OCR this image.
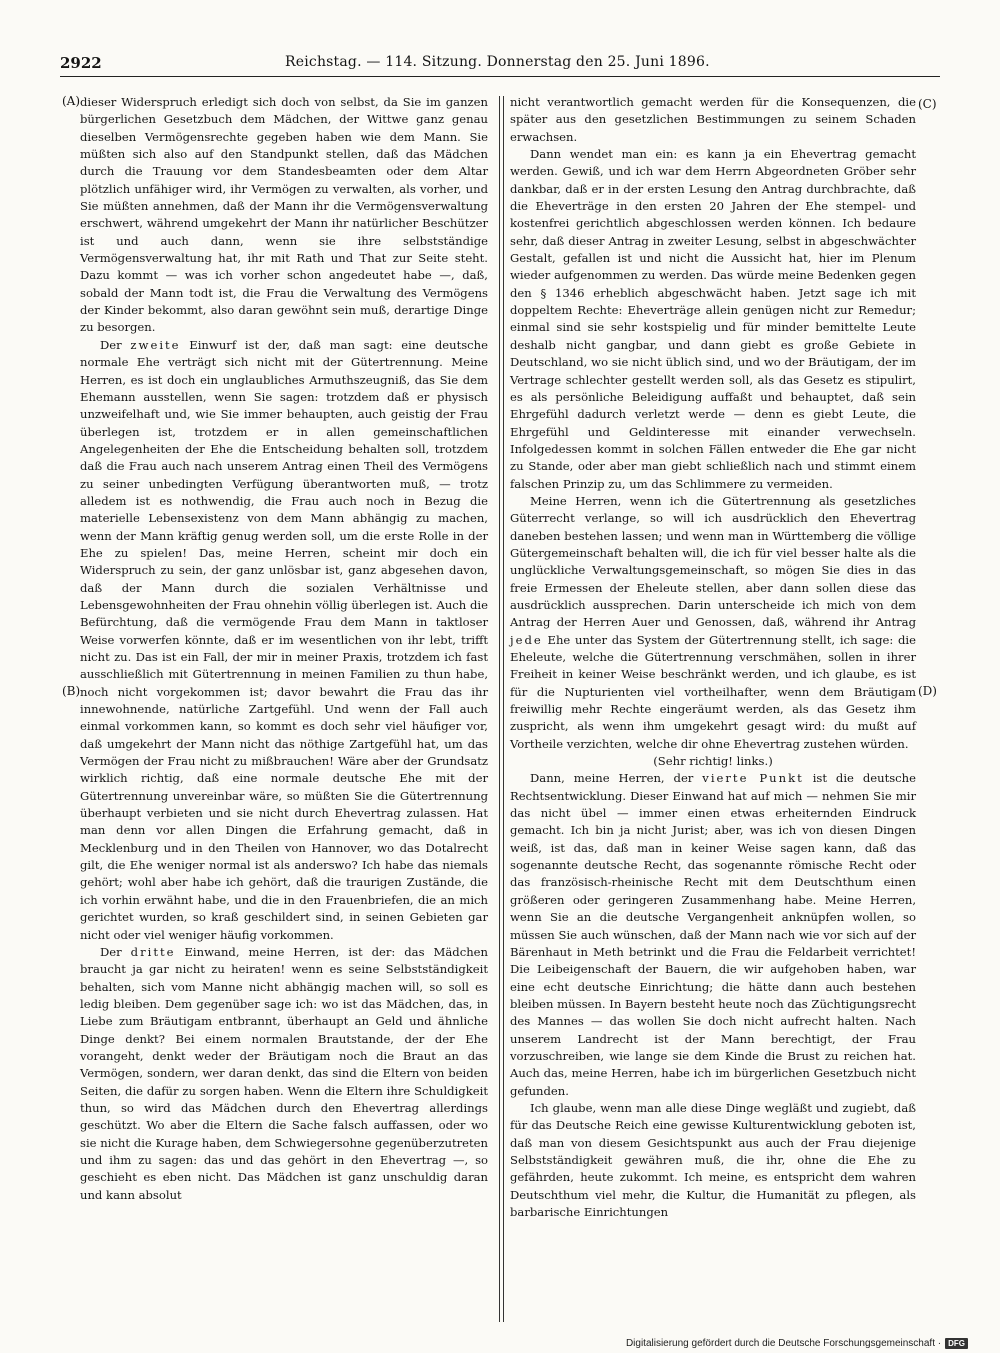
2922	Reichstag. — 114. Sitzung. Donnerstag den 25. Juni 1896.
(A)
(B)
(C)
(D)

dieser Widerspruch erledigt sich doch von selbst, da Sie im ganzen bürgerlichen Gesetzbuch dem Mädchen, der Wittwe ganz genau dieselben Vermögensrechte gegeben haben wie dem Mann. Sie müßten sich also auf den Standpunkt stellen, daß das Mädchen durch die Trauung vor dem Standesbeamten oder dem Altar plötzlich unfähiger wird, ihr Vermögen zu verwalten, als vorher, und Sie müßten annehmen, daß der Mann ihr die Vermögensverwaltung erschwert, während umgekehrt der Mann ihr natürlicher Beschützer ist und auch dann, wenn sie ihre selbstständige Vermögensverwaltung hat, ihr mit Rath und That zur Seite steht. Dazu kommt — was ich vorher schon angedeutet habe —, daß, sobald der Mann todt ist, die Frau die Verwaltung des Vermögens der Kinder bekommt, also daran gewöhnt sein muß, derartige Dinge zu besorgen.

Der zweite Einwurf ist der, daß man sagt: eine deutsche normale Ehe verträgt sich nicht mit der Gütertrennung. Meine Herren, es ist doch ein unglaubliches Armuthszeugniß, das Sie dem Ehemann ausstellen, wenn Sie sagen: trotzdem daß er physisch unzweifelhaft und, wie Sie immer behaupten, auch geistig der Frau überlegen ist, trotzdem er in allen gemeinschaftlichen Angelegenheiten der Ehe die Entscheidung behalten soll, trotzdem daß die Frau auch nach unserem Antrag einen Theil des Vermögens zu seiner unbedingten Verfügung überantworten muß, — trotz alledem ist es nothwendig, die Frau auch noch in Bezug die materielle Lebensexistenz von dem Mann abhängig zu machen, wenn der Mann kräftig genug werden soll, um die erste Rolle in der Ehe zu spielen! Das, meine Herren, scheint mir doch ein Widerspruch zu sein, der ganz unlösbar ist, ganz abgesehen davon, daß der Mann durch die sozialen Verhältnisse und Lebensgewohnheiten der Frau ohnehin völlig überlegen ist. Auch die Befürchtung, daß die vermögende Frau dem Mann in taktloser Weise vorwerfen könnte, daß er im wesentlichen von ihr lebt, trifft nicht zu. Das ist ein Fall, der mir in meiner Praxis, trotzdem ich fast ausschließlich mit Gütertrennung in meinen Familien zu thun habe, noch nicht vorgekommen ist; davor bewahrt die Frau das ihr innewohnende, natürliche Zartgefühl. Und wenn der Fall auch einmal vorkommen kann, so kommt es doch sehr viel häufiger vor, daß umgekehrt der Mann nicht das nöthige Zartgefühl hat, um das Vermögen der Frau nicht zu mißbrauchen! Wäre aber der Grundsatz wirklich richtig, daß eine normale deutsche Ehe mit der Gütertrennung unvereinbar wäre, so müßten Sie die Gütertrennung überhaupt verbieten und sie nicht durch Ehevertrag zulassen. Hat man denn vor allen Dingen die Erfahrung gemacht, daß in Mecklenburg und in den Theilen von Hannover, wo das Dotalrecht gilt, die Ehe weniger normal ist als anderswo? Ich habe das niemals gehört; wohl aber habe ich gehört, daß die traurigen Zustände, die ich vorhin erwähnt habe, und die in den Frauenbriefen, die an mich gerichtet wurden, so kraß geschildert sind, in seinen Gebieten gar nicht oder viel weniger häufig vorkommen.

Der dritte Einwand, meine Herren, ist der: das Mädchen braucht ja gar nicht zu heiraten! wenn es seine Selbstständigkeit behalten, sich vom Manne nicht abhängig machen will, so soll es ledig bleiben. Dem gegenüber sage ich: wo ist das Mädchen, das, in Liebe zum Bräutigam entbrannt, überhaupt an Geld und ähnliche Dinge denkt? Bei einem normalen Brautstande, der der Ehe vorangeht, denkt weder der Bräutigam noch die Braut an das Vermögen, sondern, wer daran denkt, das sind die Eltern von beiden Seiten, die dafür zu sorgen haben. Wenn die Eltern ihre Schuldigkeit thun, so wird das Mädchen durch den Ehevertrag allerdings geschützt. Wo aber die Eltern die Sache falsch auffassen, oder wo sie nicht die Kurage haben, dem Schwiegersohne gegenüberzutreten und ihm zu sagen: das und das gehört in den Ehevertrag —, so geschieht es eben nicht. Das Mädchen ist ganz unschuldig daran und kann absolut

nicht verantwortlich gemacht werden für die Konsequenzen, die später aus den gesetzlichen Bestimmungen zu seinem Schaden erwachsen.

Dann wendet man ein: es kann ja ein Ehevertrag gemacht werden. Gewiß, und ich war dem Herrn Abgeordneten Gröber sehr dankbar, daß er in der ersten Lesung den Antrag durchbrachte, daß die Eheverträge in den ersten 20 Jahren der Ehe stempel- und kostenfrei gerichtlich abgeschlossen werden können. Ich bedaure sehr, daß dieser Antrag in zweiter Lesung, selbst in abgeschwächter Gestalt, gefallen ist und nicht die Aussicht hat, hier im Plenum wieder aufgenommen zu werden. Das würde meine Bedenken gegen den § 1346 erheblich abgeschwächt haben. Jetzt sage ich mit doppeltem Rechte: Eheverträge allein genügen nicht zur Remedur; einmal sind sie sehr kostspielig und für minder bemittelte Leute deshalb nicht gangbar, und dann giebt es große Gebiete in Deutschland, wo sie nicht üblich sind, und wo der Bräutigam, der im Vertrage schlechter gestellt werden soll, als das Gesetz es stipulirt, es als persönliche Beleidigung auffaßt und behauptet, daß sein Ehrgefühl dadurch verletzt werde — denn es giebt Leute, die Ehrgefühl und Geldinteresse mit einander verwechseln. Infolgedessen kommt in solchen Fällen entweder die Ehe gar nicht zu Stande, oder aber man giebt schließlich nach und stimmt einem falschen Prinzip zu, um das Schlimmere zu vermeiden.

Meine Herren, wenn ich die Gütertrennung als gesetzliches Güterrecht verlange, so will ich ausdrücklich den Ehevertrag daneben bestehen lassen; und wenn man in Württemberg die völlige Gütergemeinschaft behalten will, die ich für viel besser halte als die unglückliche Verwaltungsgemeinschaft, so mögen Sie dies in das freie Ermessen der Eheleute stellen, aber dann sollen diese das ausdrücklich aussprechen. Darin unterscheide ich mich von dem Antrag der Herren Auer und Genossen, daß, während ihr Antrag jede Ehe unter das System der Gütertrennung stellt, ich sage: die Eheleute, welche die Gütertrennung verschmähen, sollen in ihrer Freiheit in keiner Weise beschränkt werden, und ich glaube, es ist für die Nupturienten viel vortheilhafter, wenn dem Bräutigam freiwillig mehr Rechte eingeräumt werden, als das Gesetz ihm zuspricht, als wenn ihm umgekehrt gesagt wird: du mußt auf Vortheile verzichten, welche dir ohne Ehevertrag zustehen würden.

(Sehr richtig! links.)

Dann, meine Herren, der vierte Punkt ist die deutsche Rechtsentwicklung. Dieser Einwand hat auf mich — nehmen Sie mir das nicht übel — immer einen etwas erheiternden Eindruck gemacht. Ich bin ja nicht Jurist; aber, was ich von diesen Dingen weiß, ist das, daß man in keiner Weise sagen kann, daß das sogenannte deutsche Recht, das sogenannte römische Recht oder das französisch-rheinische Recht mit dem Deutschthum einen größeren oder geringeren Zusammenhang habe. Meine Herren, wenn Sie an die deutsche Vergangenheit anknüpfen wollen, so müssen Sie auch wünschen, daß der Mann nach wie vor sich auf der Bärenhaut in Meth betrinkt und die Frau die Feldarbeit verrichtet! Die Leibeigenschaft der Bauern, die wir aufgehoben haben, war eine echt deutsche Einrichtung; die hätte dann auch bestehen bleiben müssen. In Bayern besteht heute noch das Züchtigungsrecht des Mannes — das wollen Sie doch nicht aufrecht halten. Nach unserem Landrecht ist der Mann berechtigt, der Frau vorzuschreiben, wie lange sie dem Kinde die Brust zu reichen hat. Auch das, meine Herren, habe ich im bürgerlichen Gesetzbuch nicht gefunden.

Ich glaube, wenn man alle diese Dinge wegläßt und zugiebt, daß für das Deutsche Reich eine gewisse Kulturentwicklung geboten ist, daß man von diesem Gesichtspunkt aus auch der Frau diejenige Selbstständigkeit gewähren muß, die ihr, ohne die Ehe zu gefährden, heute zukommt. Ich meine, es entspricht dem wahren Deutschthum viel mehr, die Kultur, die Humanität zu pflegen, als barbarische Einrichtungen

Digitalisierung gefördert durch die Deutsche Forschungsgemeinschaft · DFG
